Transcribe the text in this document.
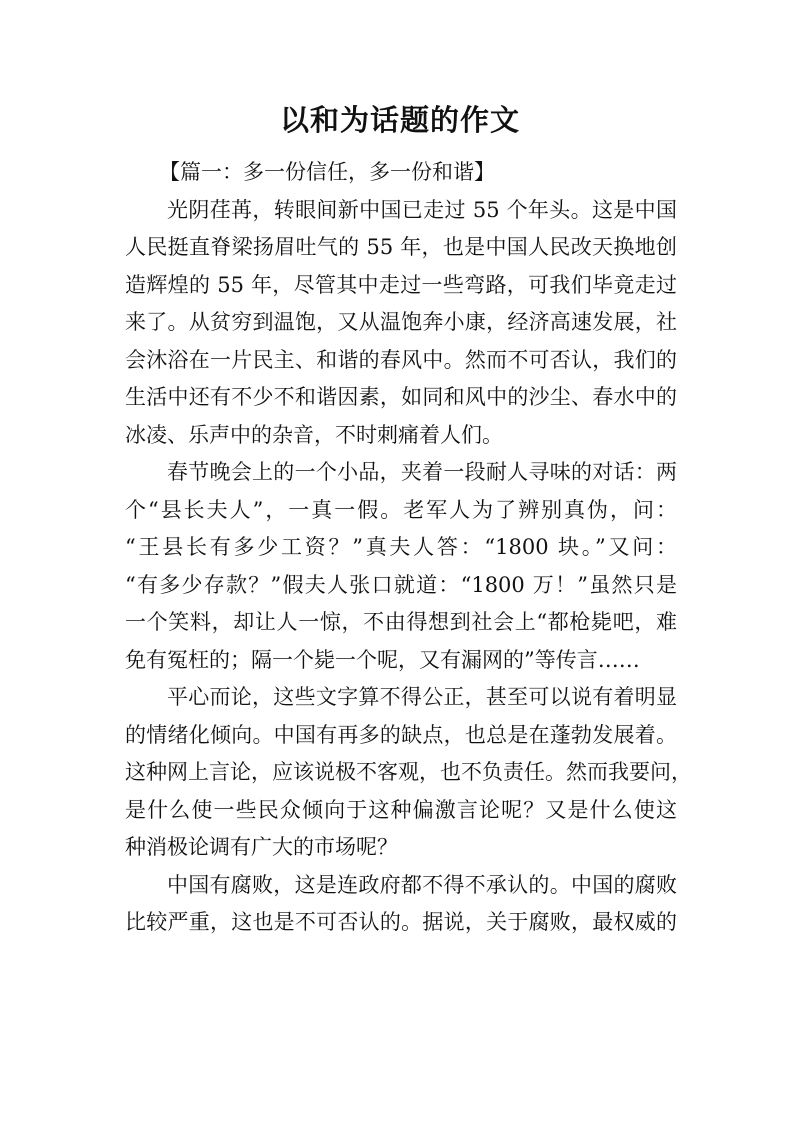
以和为话题的作文
【篇一：多一份信任，多一份和谐】
光阴荏苒，转眼间新中国已走过 55 个年头。这是中国
人民挺直脊梁扬眉吐气的 55 年，也是中国人民改天换地创
造辉煌的 55 年，尽管其中走过一些弯路，可我们毕竟走过
来了。从贫穷到温饱，又从温饱奔小康，经济高速发展，社
会沐浴在一片民主、和谐的春风中。然而不可否认，我们的
生活中还有不少不和谐因素，如同和风中的沙尘、春水中的
冰凌、乐声中的杂音，不时刺痛着人们。
春节晚会上的一个小品，夹着一段耐人寻味的对话：两
个“县长夫人”，一真一假。老军人为了辨别真伪，问：
“王县长有多少工资？”真夫人答：“1800 块。”又问：
“有多少存款？”假夫人张口就道：“1800 万！”虽然只是
一个笑料，却让人一惊，不由得想到社会上“都枪毙吧，难
免有冤枉的；隔一个毙一个呢，又有漏网的”等传言……
平心而论，这些文字算不得公正，甚至可以说有着明显
的情绪化倾向。中国有再多的缺点，也总是在蓬勃发展着。
这种网上言论，应该说极不客观，也不负责任。然而我要问，
是什么使一些民众倾向于这种偏激言论呢？又是什么使这
种消极论调有广大的市场呢？
中国有腐败，这是连政府都不得不承认的。中国的腐败
比较严重，这也是不可否认的。据说，关于腐败，最权威的
